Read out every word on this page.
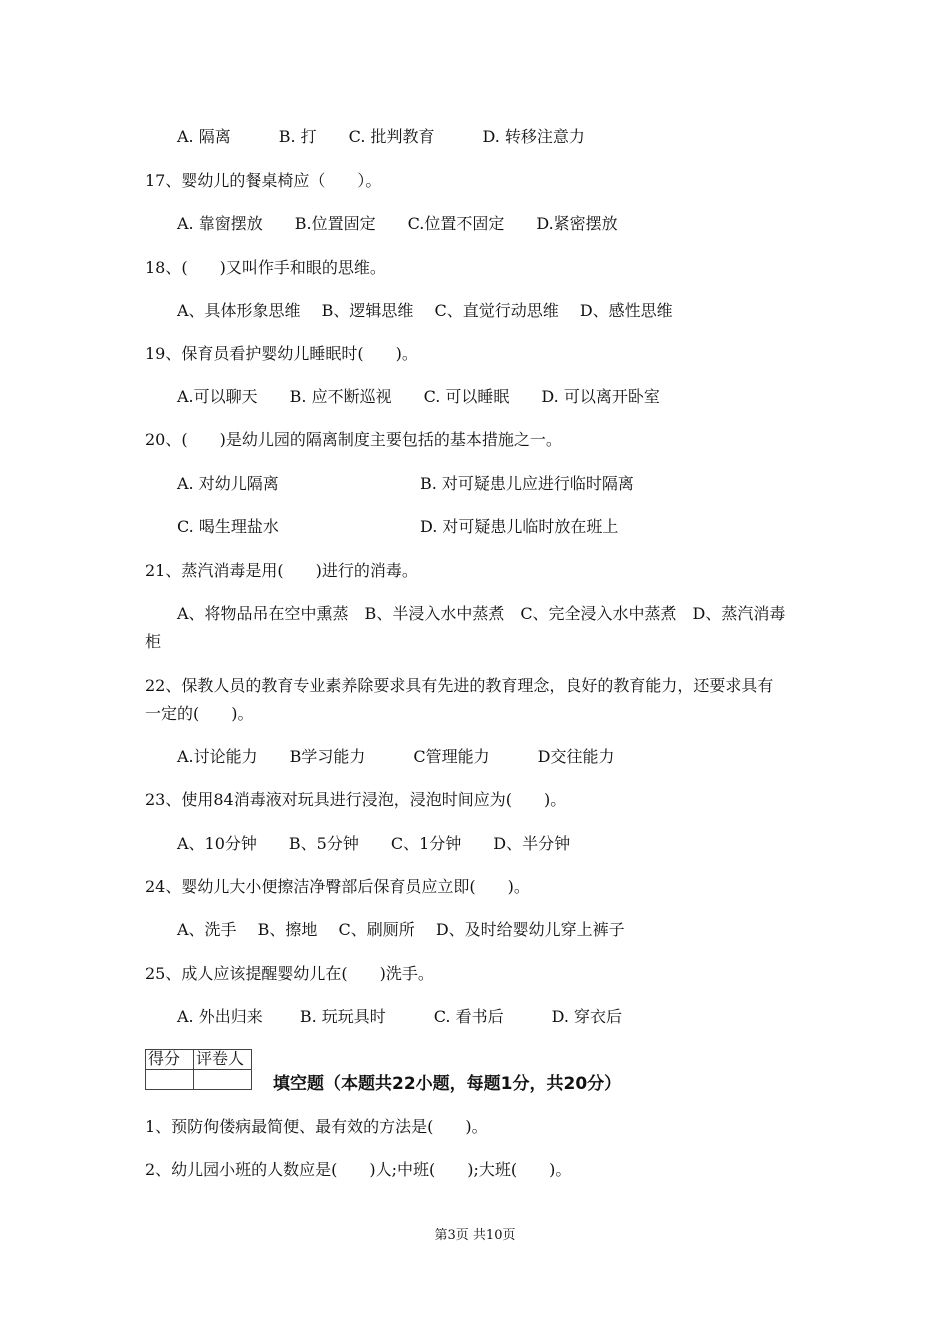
A. 隔离　　　B. 打　　C. 批判教育　　　D. 转移注意力
17、婴幼儿的餐桌椅应（　　）。
A. 靠窗摆放　　B.位置固定　　C.位置不固定　　D.紧密摆放
18、(　　)又叫作手和眼的思维。
A、具体形象思维　 B、逻辑思维　 C、直觉行动思维　 D、感性思维
19、保育员看护婴幼儿睡眠时(　　)。
A.可以聊天　　B. 应不断巡视　　C. 可以睡眠　　D. 可以离开卧室
20、(　　)是幼儿园的隔离制度主要包括的基本措施之一。
A. 对幼儿隔离	B. 对可疑患儿应进行临时隔离
C. 喝生理盐水	D. 对可疑患儿临时放在班上
21、蒸汽消毒是用(　　)进行的消毒。
A、将物品吊在空中熏蒸　B、半浸入水中蒸煮　C、完全浸入水中蒸煮　D、蒸汽消毒
柜
22、保教人员的教育专业素养除要求具有先进的教育理念，良好的教育能力，还要求具有
一定的(　　)。
A.讨论能力　　B学习能力　　　C管理能力　　　D交往能力
23、使用84消毒液对玩具进行浸泡，浸泡时间应为(　　)。
A、10分钟　　B、5分钟　　C、1分钟　　D、半分钟
24、婴幼儿大小便擦洁净臀部后保育员应立即(　　)。
A、洗手　 B、擦地　 C、刷厕所　 D、及时给婴幼儿穿上裤子
25、成人应该提醒婴幼儿在(　　)洗手。
A. 外出归来　　 B. 玩玩具时　　　C. 看书后　　　D. 穿衣后
得分	评卷人

填空题（本题共22小题，每题1分，共20分）
1、预防佝偻病最简便、最有效的方法是(　　)。
2、幼儿园小班的人数应是(　　)人;中班(　　);大班(　　)。
第3页 共10页
